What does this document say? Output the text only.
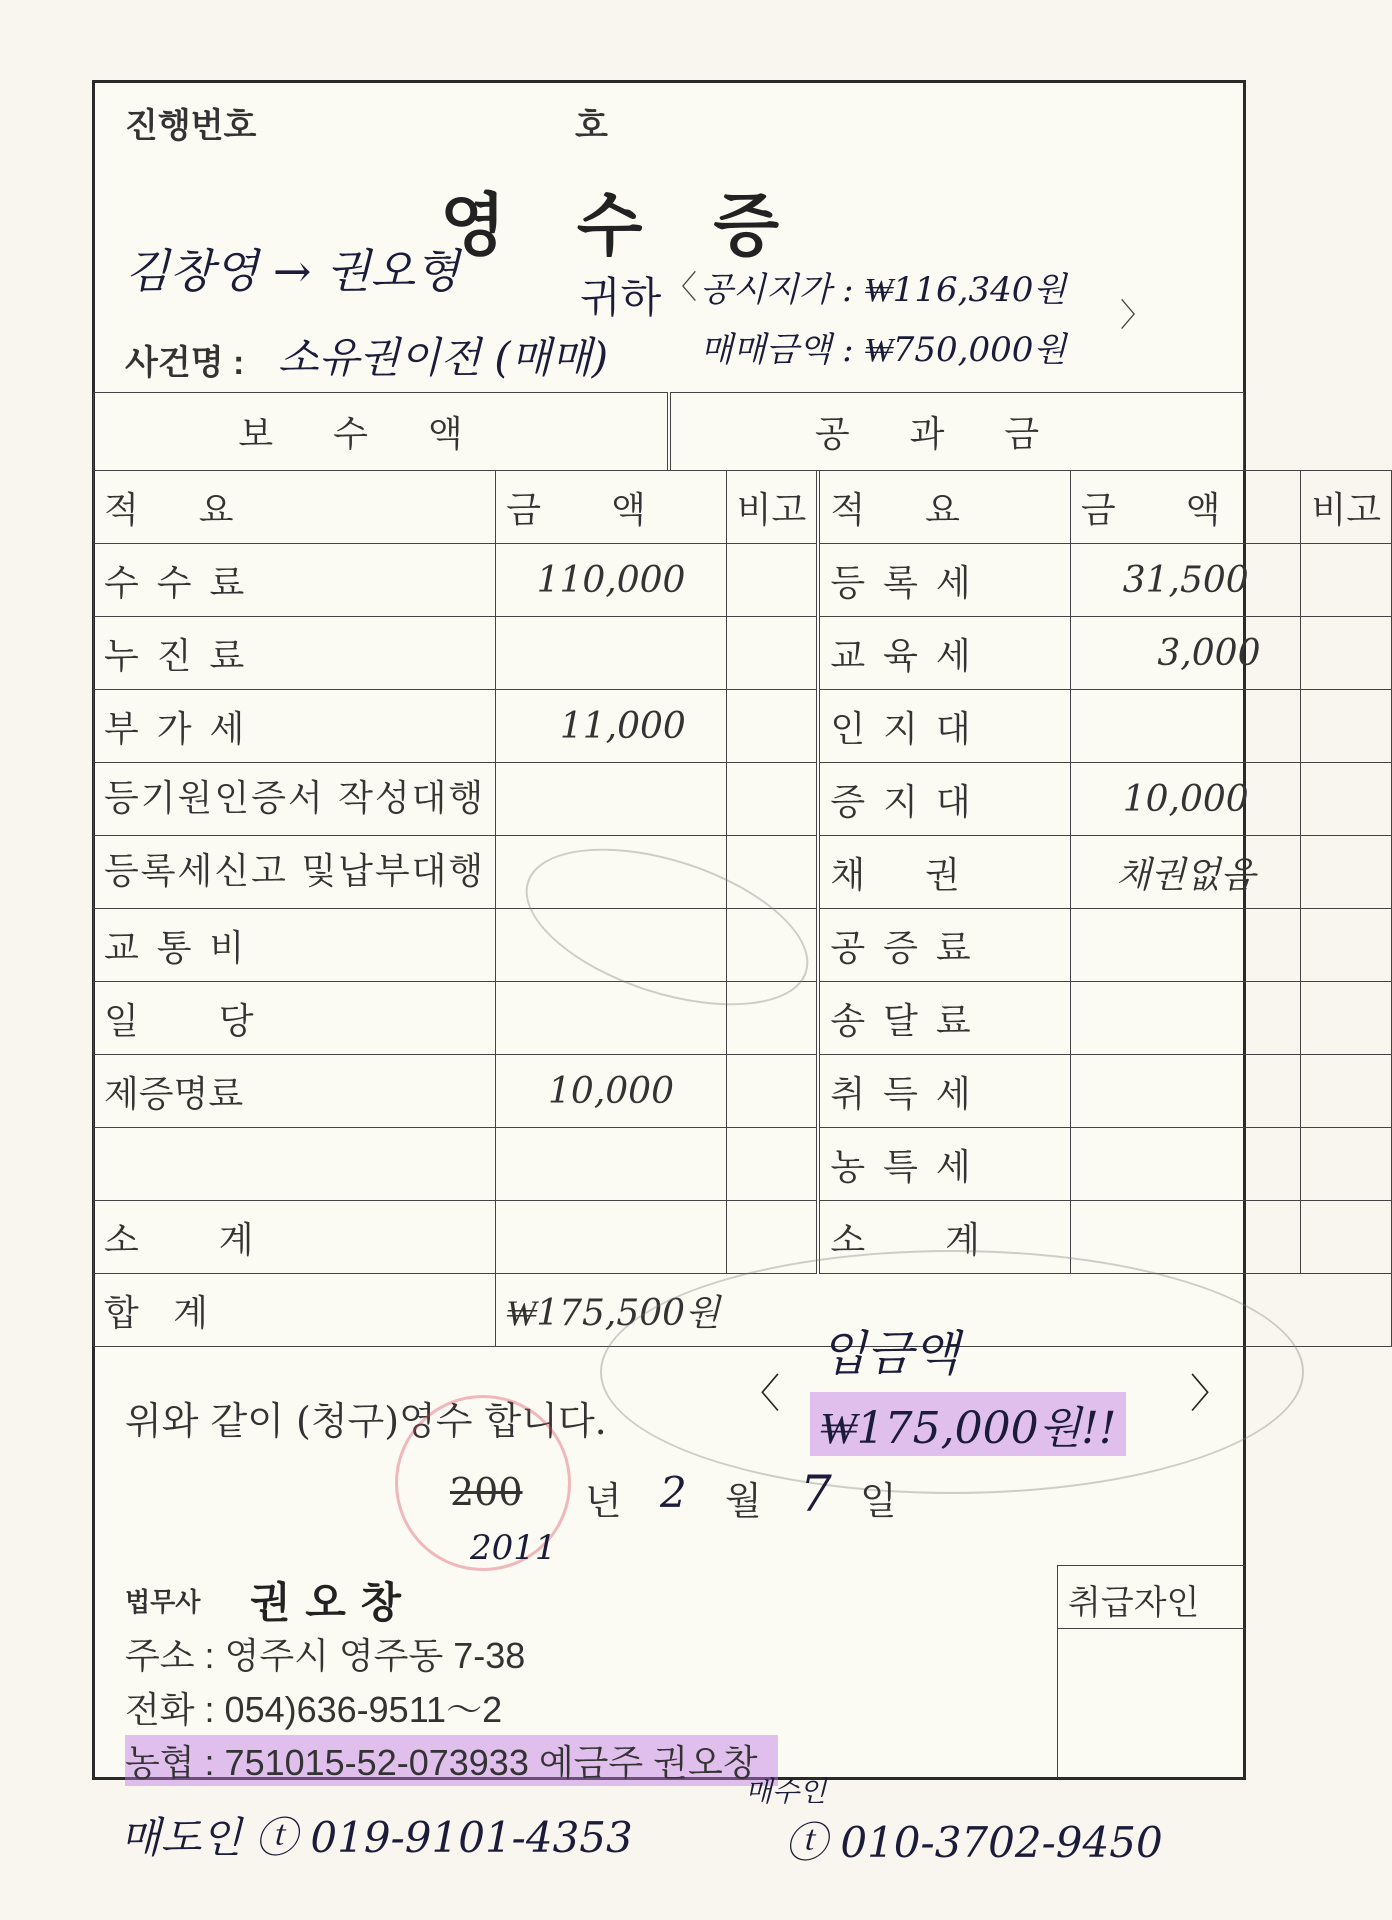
진행번호	호
영   수   증
김창영 → 권오형	귀하 〈 공시지가 : ₩116,340원
매매금액 : ₩750,000원
〉
사건명 : 소유권이전 (매매)
보수액	공과금
적요	금액	비고	적요	금액	비고
수수료	110,000		등록세	31,500	
누진료			교육세	3,000	
부가세	11,000		인지대		
등기원인증서 작성대행			증지대	10,000	
등록세신고 및납부대행			채권	채권없음	
교통비			공증료		
일당			송달료		
제증명료	10,000		취득세		
			농특세		
소계			소계		
합   계	₩175,500원				
위와 같이 (청구)영수 합니다.
〈
입금액
₩175,000원!!
〉
200 년 2 월 7 일
2011
법무사 권 오 창
주소 : 영주시 영주동 7-38
전화 : 054)636-9511～2
농협 : 751015-52-073933 예금주 권오창
취급자인
매도인 ⓣ 019-9101-4353
매수인
ⓣ 010-3702-9450
